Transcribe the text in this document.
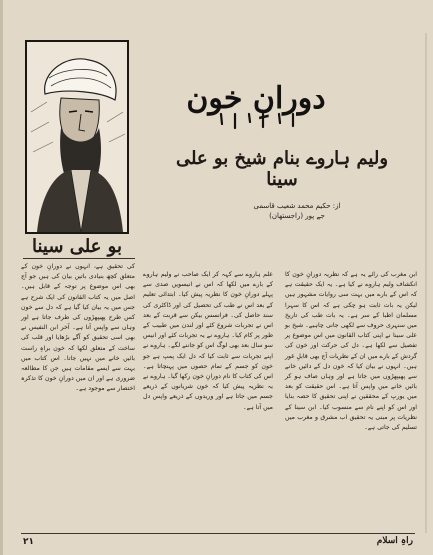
دورانِ خون
ولیم ہاروے بنام شیخ بو علی سینا
از: حکیم محمد شعیب قاسمی
جے پور (راجستھان)
بو علی سینا
کی تحقیق ہے، انہوں نے دورانِ خون کے متعلق کچھ بنیادی باتیں بیان کی ہیں جو آج بھی اس موضوع پر توجہ کے قابل ہیں۔ اصل میں یہ کتاب القانون کی ایک شرح ہے جس میں یہ بیان کیا گیا ہے کہ دل سے خون کس طرح پھیپھڑوں کی طرف جاتا ہے اور وہاں سے واپس آتا ہے۔ آخر ابن النفیس نے بھی اسی تحقیق کو آگے بڑھایا اور قلب کی ساخت کے متعلق لکھا کہ خون براہِ راست بائیں خانے میں نہیں جاتا۔ اس کتاب میں بہت سے ایسے مقامات ہیں جن کا مطالعہ ضروری ہے اور ان میں دورانِ خون کا تذکرہ اختصار سے موجود ہے۔
علم ہاروے سے کہہ کر ایک صاحب نے ولیم ہاروے کے بارے میں لکھا کہ اس نے انیسویں صدی سے پہلے دورانِ خون کا نظریہ پیش کیا۔ ابتدائی تعلیم کے بعد اس نے طب کی تحصیل کی اور ڈاکٹری کی سند حاصل کی۔ فرانسس بیکن سے قربت کے بعد اس نے تجربات شروع کئے اور لندن میں طبیب کے طور پر کام کیا۔ ہاروے نے یہ تجربات کئے اور انیس سو سال بعد بھی لوگ اس کو جاننے لگے۔ ہاروے نے اپنے تجربات سے ثابت کیا کہ دل ایک پمپ ہے جو خون کو جسم کے تمام حصوں میں پہنچاتا ہے۔ اس کی کتاب کا نام دورانِ خون رکھا گیا۔ ہاروے نے یہ نظریہ پیش کیا کہ خون شریانوں کے ذریعے جسم میں جاتا ہے اور وریدوں کے ذریعے واپس دل میں آتا ہے۔
ابن مغرب کی رائے یہ ہے کہ نظریہ دورانِ خون کا انکشاف ولیم ہاروے نے کیا ہے۔ یہ ایک حقیقت ہے کہ اس کے بارے میں بہت سی روایات مشہور ہیں لیکن یہ بات ثابت ہو چکی ہے کہ اس کا سہرا مسلمان اطبا کے سر ہے۔ یہ بات طب کی تاریخ میں سنہری حروف سے لکھی جانی چاہیے۔ شیخ بو علی سینا نے اپنی کتاب القانون میں اس موضوع پر تفصیل سے لکھا ہے۔ دل کی حرکت اور خون کی گردش کے بارے میں ان کے نظریات آج بھی قابلِ غور ہیں۔ انہوں نے بیان کیا کہ خون دل کے دائیں خانے سے پھیپھڑوں میں جاتا ہے اور وہاں صاف ہو کر بائیں خانے میں واپس آتا ہے۔ اس حقیقت کو بعد میں یورپ کے محققین نے اپنی تحقیق کا حصہ بنایا اور اس کو اپنے نام سے منسوب کیا۔ ابن سینا کے نظریات پر مبنی یہ تحقیق اب مشرق و مغرب میں تسلیم کی جاتی ہے۔
۲۱	راہِ اسلام
